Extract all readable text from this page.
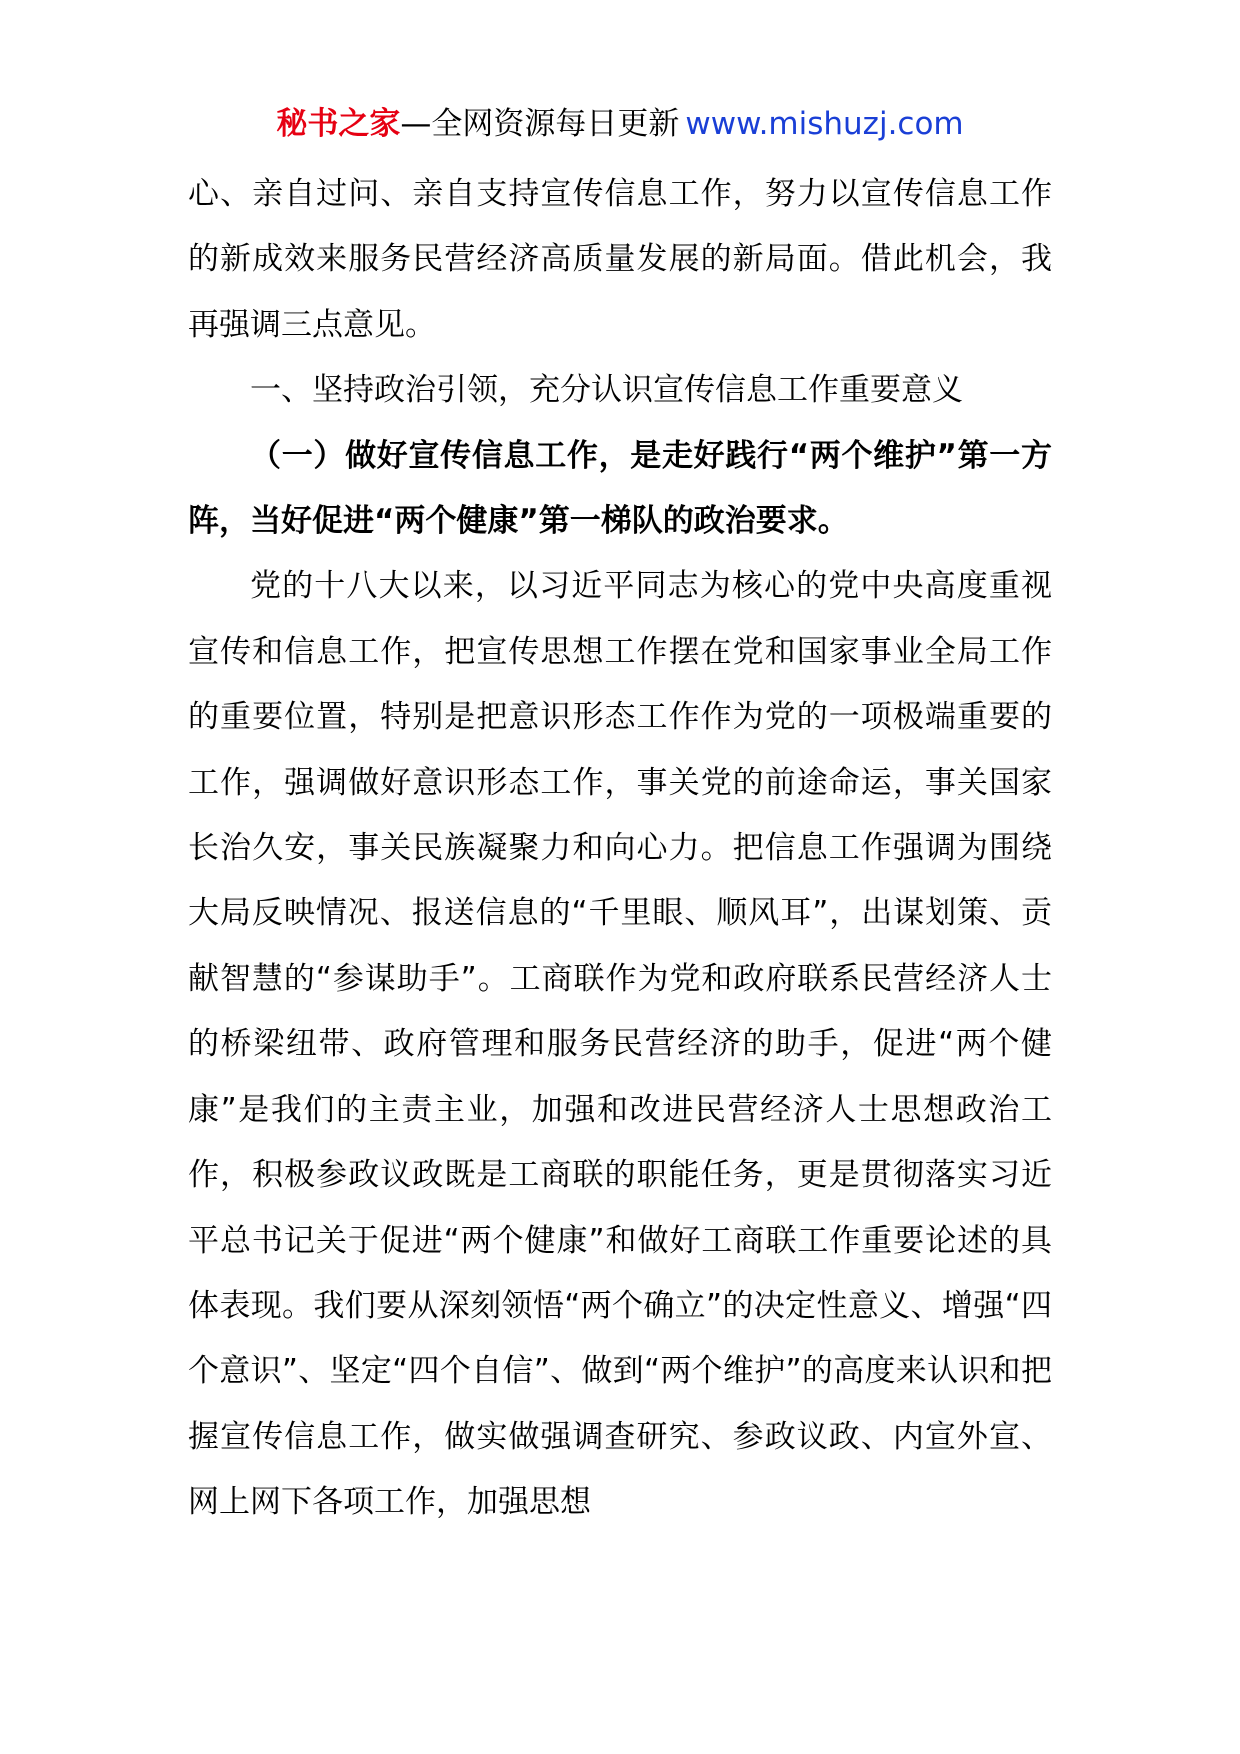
秘书之家—全网资源每日更新 www.mishuzj.com

心、亲自过问、亲自支持宣传信息工作，努力以宣传信息工作的新成效来服务民营经济高质量发展的新局面。借此机会，我再强调三点意见。

一、坚持政治引领，充分认识宣传信息工作重要意义

（一）做好宣传信息工作，是走好践行“两个维护”第一方阵，当好促进“两个健康”第一梯队的政治要求。

党的十八大以来，以习近平同志为核心的党中央高度重视宣传和信息工作，把宣传思想工作摆在党和国家事业全局工作的重要位置，特别是把意识形态工作作为党的一项极端重要的工作，强调做好意识形态工作，事关党的前途命运，事关国家长治久安，事关民族凝聚力和向心力。把信息工作强调为围绕大局反映情况、报送信息的“千里眼、顺风耳”，出谋划策、贡献智慧的“参谋助手”。工商联作为党和政府联系民营经济人士的桥梁纽带、政府管理和服务民营经济的助手，促进“两个健康”是我们的主责主业，加强和改进民营经济人士思想政治工作，积极参政议政既是工商联的职能任务，更是贯彻落实习近平总书记关于促进“两个健康”和做好工商联工作重要论述的具体表现。我们要从深刻领悟“两个确立”的决定性意义、增强“四个意识”、坚定“四个自信”、做到“两个维护”的高度来认识和把握宣传信息工作，做实做强调查研究、参政议政、内宣外宣、网上网下各项工作，加强思想
